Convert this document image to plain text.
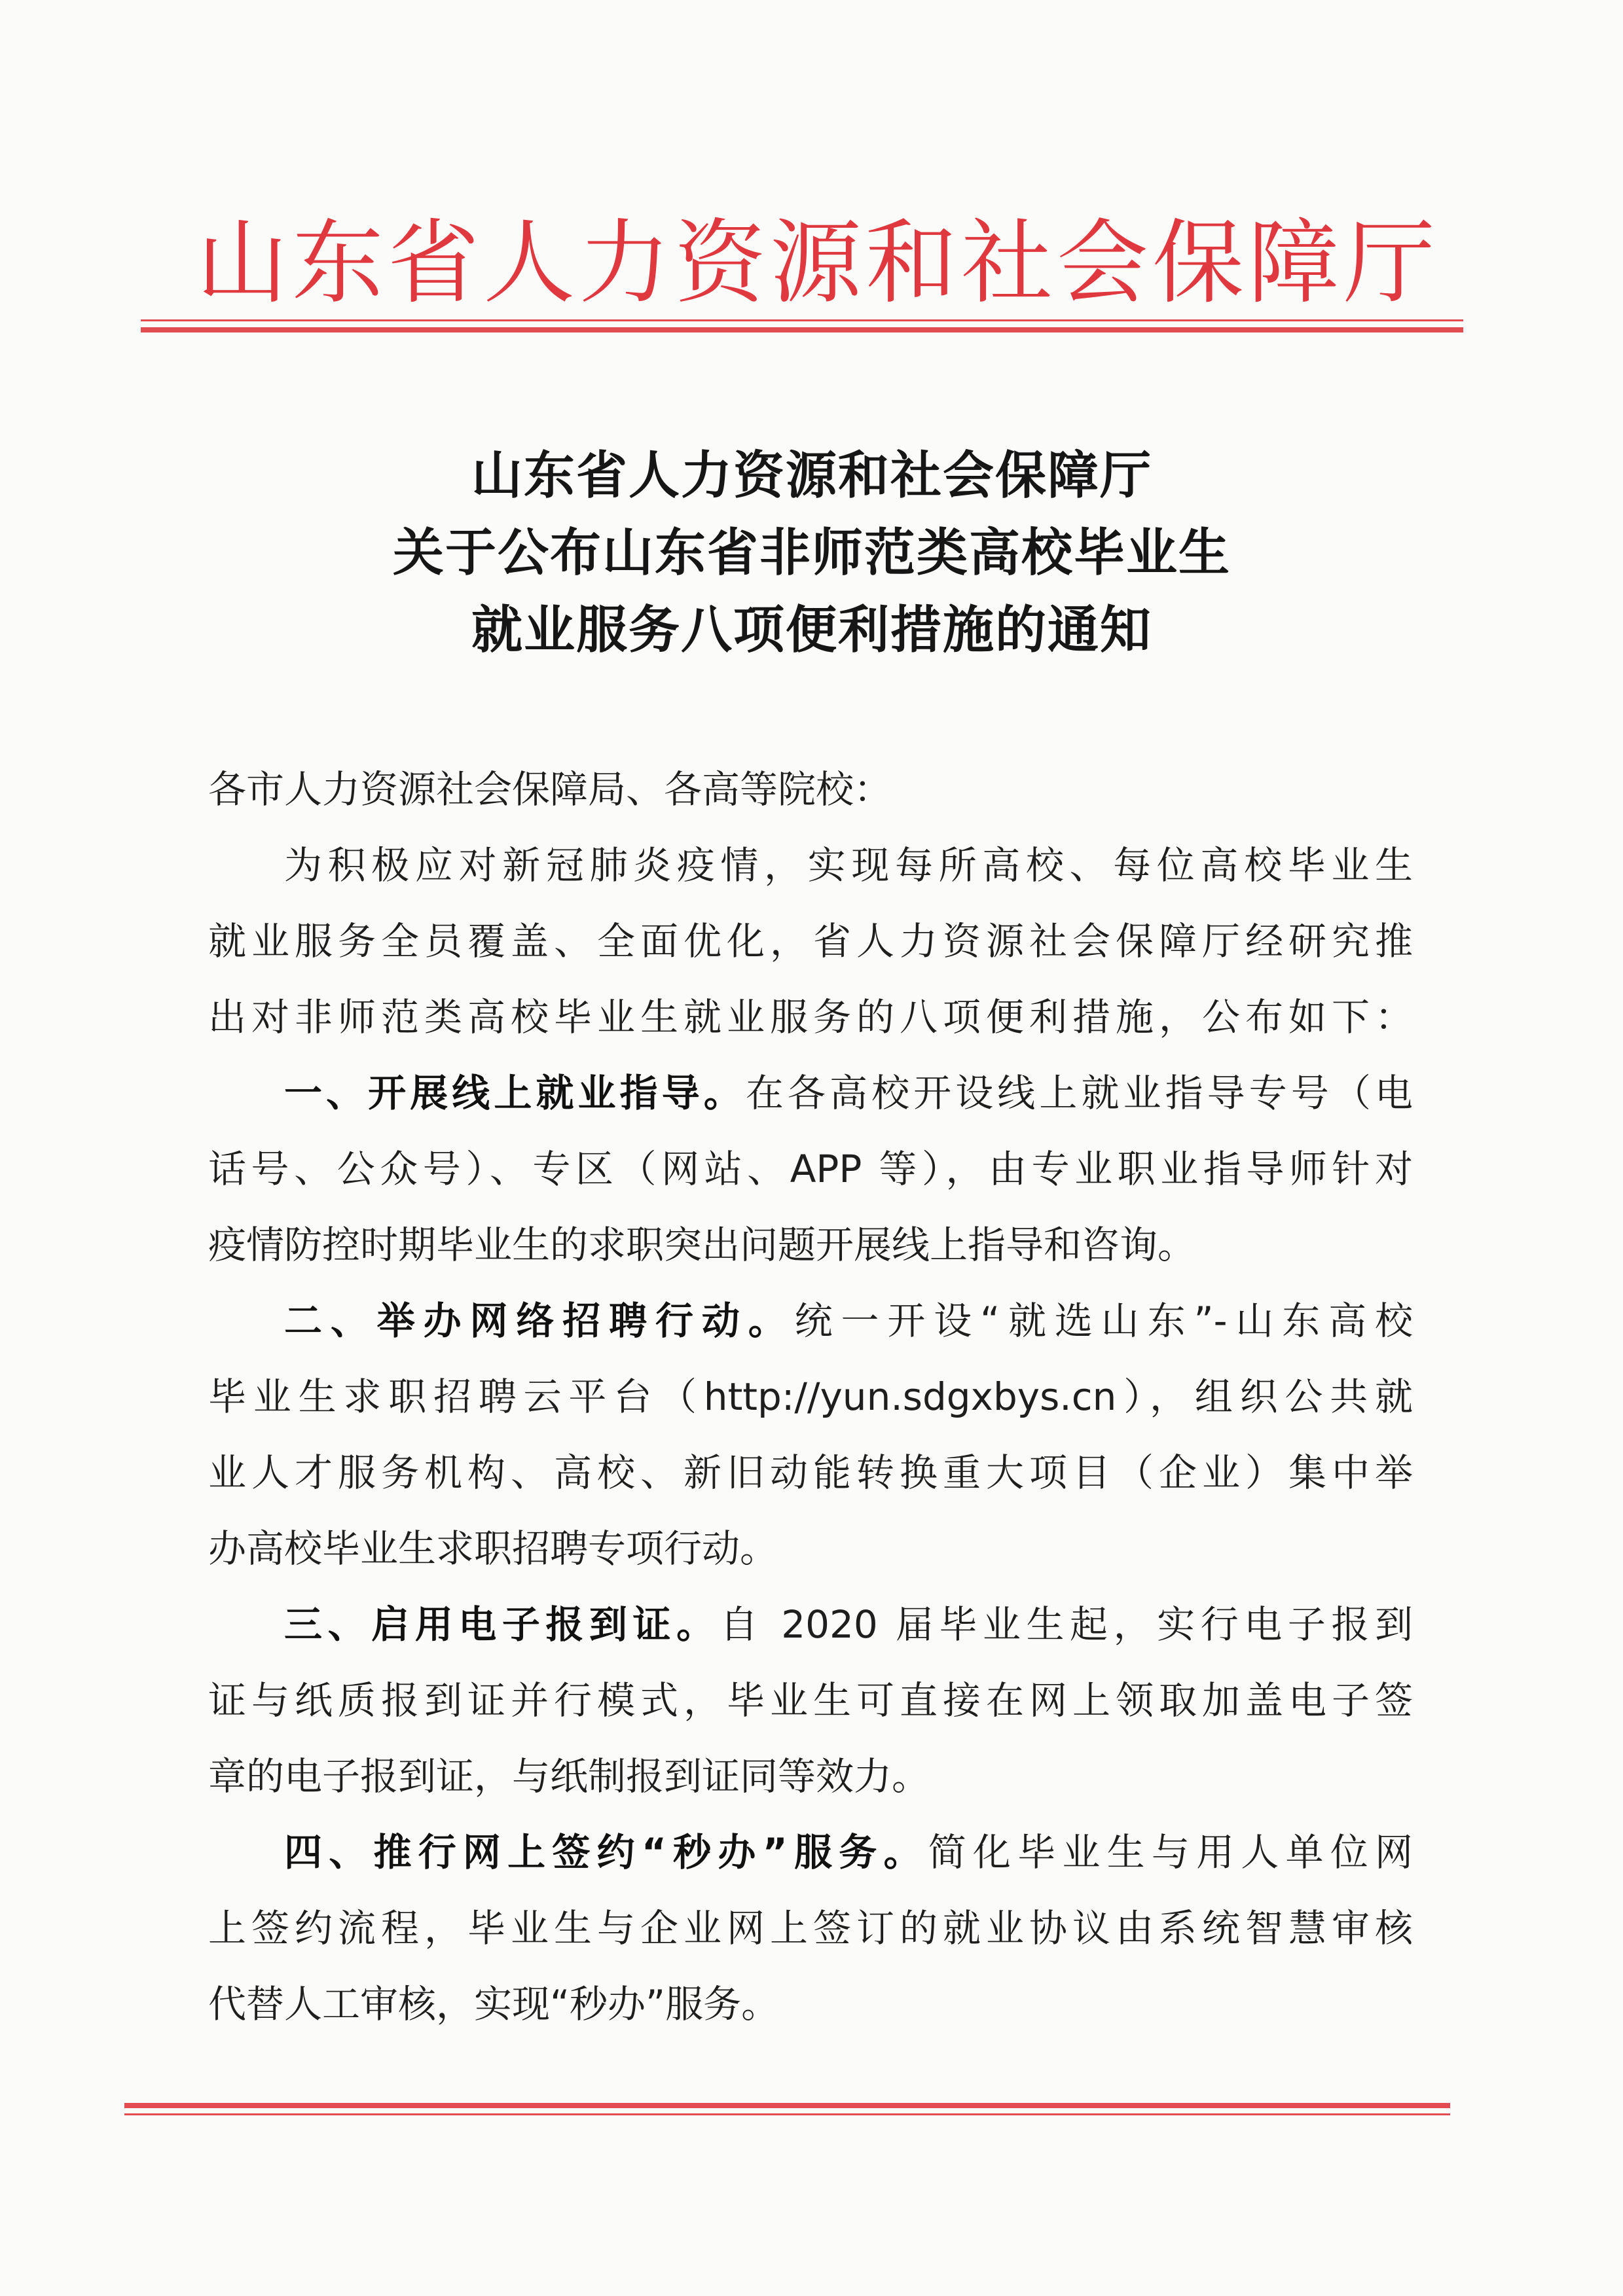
山东省人力资源和社会保障厅
山东省人力资源和社会保障厅
关于公布山东省非师范类高校毕业生
就业服务八项便利措施的通知
各市人力资源社会保障局、各高等院校：
为积极应对新冠肺炎疫情，实现每所高校、每位高校毕业生
就业服务全员覆盖、全面优化，省人力资源社会保障厅经研究推
出对非师范类高校毕业生就业服务的八项便利措施，公布如下：
一、开展线上就业指导。在各高校开设线上就业指导专号（电
话号、公众号）、专区（网站、APP 等），由专业职业指导师针对
疫情防控时期毕业生的求职突出问题开展线上指导和咨询。
二、举办网络招聘行动。统一开设“就选山东”-山东高校
毕业生求职招聘云平台（http://yun.sdgxbys.cn），组织公共就
业人才服务机构、高校、新旧动能转换重大项目（企业）集中举
办高校毕业生求职招聘专项行动。
三、启用电子报到证。自 2020 届毕业生起，实行电子报到
证与纸质报到证并行模式，毕业生可直接在网上领取加盖电子签
章的电子报到证，与纸制报到证同等效力。
四、推行网上签约“秒办”服务。简化毕业生与用人单位网
上签约流程，毕业生与企业网上签订的就业协议由系统智慧审核
代替人工审核，实现“秒办”服务。
